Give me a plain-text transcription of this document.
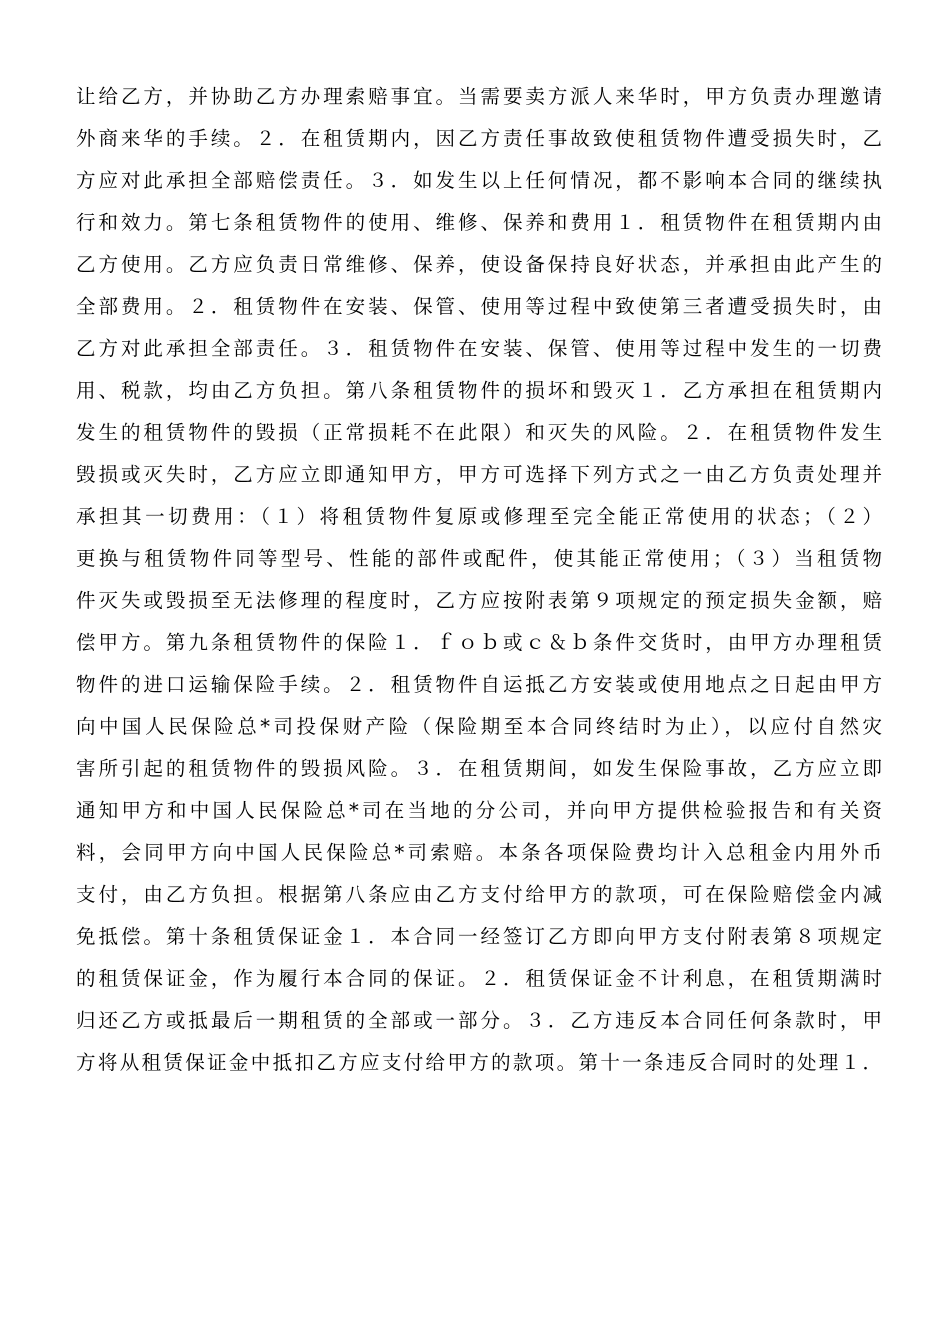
让给乙方，并协助乙方办理索赔事宜。当需要卖方派人来华时，甲方负责办理邀请
外商来华的手续。２．在租赁期内，因乙方责任事故致使租赁物件遭受损失时，乙
方应对此承担全部赔偿责任。３．如发生以上任何情况，都不影响本合同的继续执
行和效力。第七条租赁物件的使用、维修、保养和费用１．租赁物件在租赁期内由
乙方使用。乙方应负责日常维修、保养，使设备保持良好状态，并承担由此产生的
全部费用。２．租赁物件在安装、保管、使用等过程中致使第三者遭受损失时，由
乙方对此承担全部责任。３．租赁物件在安装、保管、使用等过程中发生的一切费
用、税款，均由乙方负担。第八条租赁物件的损坏和毁灭１．乙方承担在租赁期内
发生的租赁物件的毁损（正常损耗不在此限）和灭失的风险。２．在租赁物件发生
毁损或灭失时，乙方应立即通知甲方，甲方可选择下列方式之一由乙方负责处理并
承担其一切费用：（１）将租赁物件复原或修理至完全能正常使用的状态；（２）
更换与租赁物件同等型号、性能的部件或配件，使其能正常使用；（３）当租赁物
件灭失或毁损至无法修理的程度时，乙方应按附表第９项规定的预定损失金额，赔
偿甲方。第九条租赁物件的保险１．ｆｏｂ或ｃ＆ｂ条件交货时，由甲方办理租赁
物件的进口运输保险手续。２．租赁物件自运抵乙方安装或使用地点之日起由甲方
向中国人民保险总*司投保财产险（保险期至本合同终结时为止），以应付自然灾
害所引起的租赁物件的毁损风险。３．在租赁期间，如发生保险事故，乙方应立即
通知甲方和中国人民保险总*司在当地的分公司，并向甲方提供检验报告和有关资
料，会同甲方向中国人民保险总*司索赔。本条各项保险费均计入总租金内用外币
支付，由乙方负担。根据第八条应由乙方支付给甲方的款项，可在保险赔偿金内减
免抵偿。第十条租赁保证金１．本合同一经签订乙方即向甲方支付附表第８项规定
的租赁保证金，作为履行本合同的保证。２．租赁保证金不计利息，在租赁期满时
归还乙方或抵最后一期租赁的全部或一部分。３．乙方违反本合同任何条款时，甲
方将从租赁保证金中抵扣乙方应支付给甲方的款项。第十一条违反合同时的处理１．
